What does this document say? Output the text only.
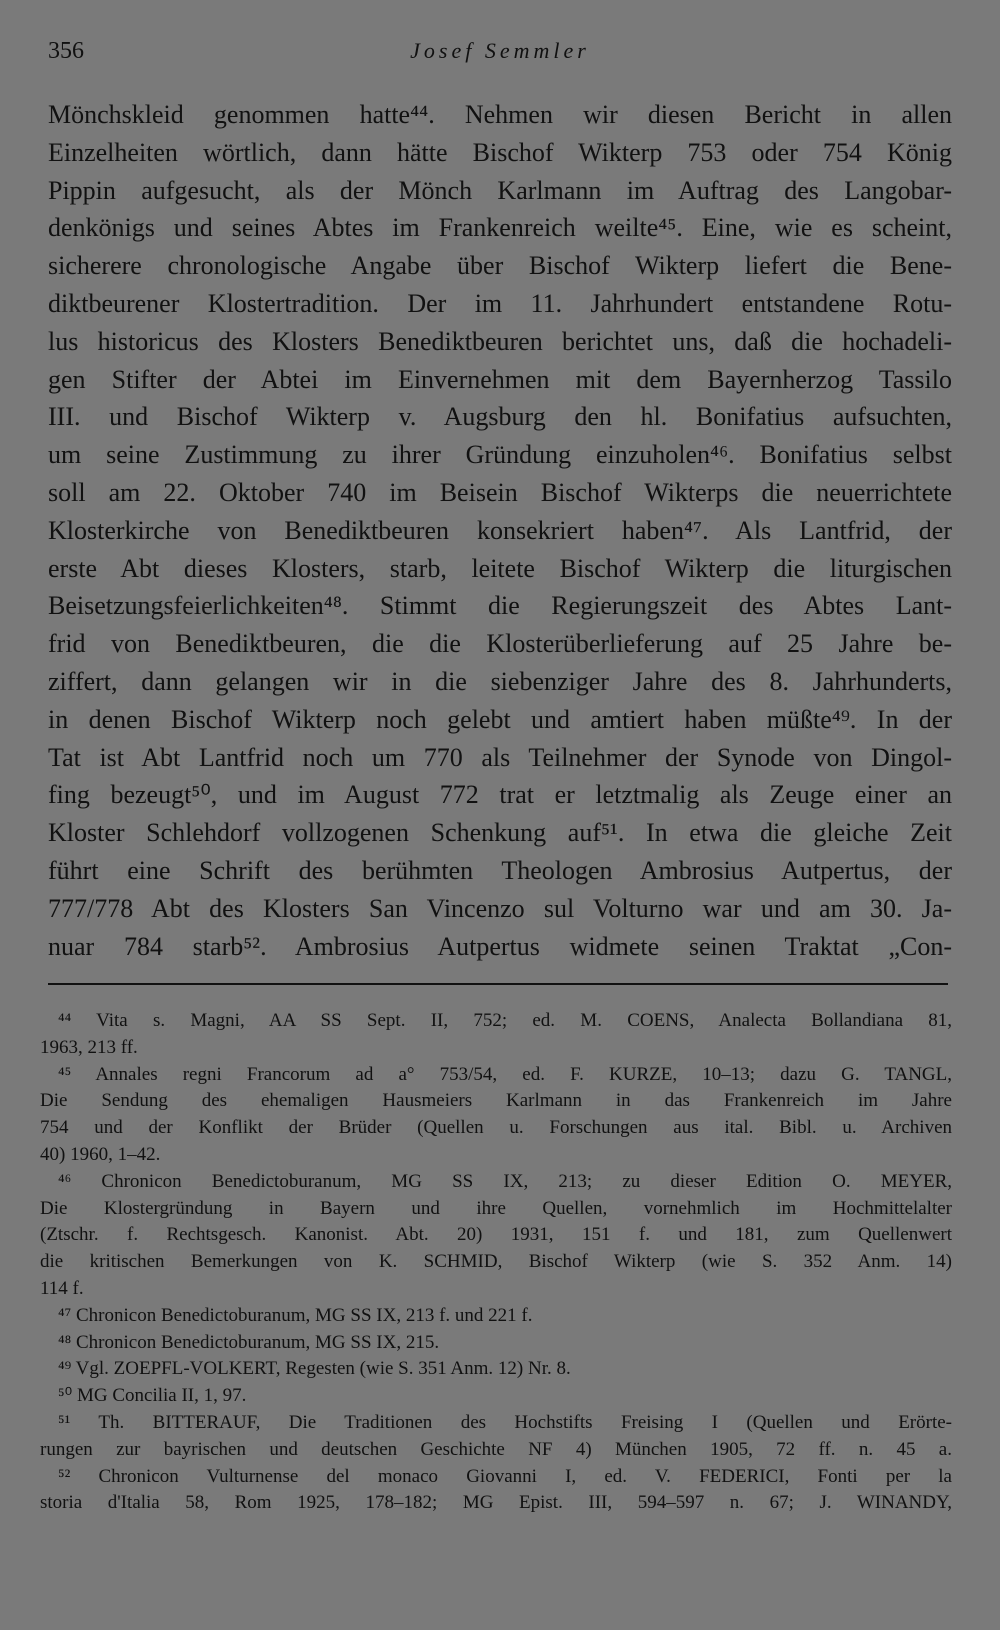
356	Josef Semmler
Mönchskleid genommen hatte⁴⁴. Nehmen wir diesen Bericht in allen
Einzelheiten wörtlich, dann hätte Bischof Wikterp 753 oder 754 König
Pippin aufgesucht, als der Mönch Karlmann im Auftrag des Langobar-
denkönigs und seines Abtes im Frankenreich weilte⁴⁵. Eine, wie es scheint,
sicherere chronologische Angabe über Bischof Wikterp liefert die Bene-
diktbeurener Klostertradition. Der im 11. Jahrhundert entstandene Rotu-
lus historicus des Klosters Benediktbeuren berichtet uns, daß die hochadeli-
gen Stifter der Abtei im Einvernehmen mit dem Bayernherzog Tassilo
III. und Bischof Wikterp v. Augsburg den hl. Bonifatius aufsuchten,
um seine Zustimmung zu ihrer Gründung einzuholen⁴⁶. Bonifatius selbst
soll am 22. Oktober 740 im Beisein Bischof Wikterps die neuerrichtete
Klosterkirche von Benediktbeuren konsekriert haben⁴⁷. Als Lantfrid, der
erste Abt dieses Klosters, starb, leitete Bischof Wikterp die liturgischen
Beisetzungsfeierlichkeiten⁴⁸. Stimmt die Regierungszeit des Abtes Lant-
frid von Benediktbeuren, die die Klosterüberlieferung auf 25 Jahre be-
ziffert, dann gelangen wir in die siebenziger Jahre des 8. Jahrhunderts,
in denen Bischof Wikterp noch gelebt und amtiert haben müßte⁴⁹. In der
Tat ist Abt Lantfrid noch um 770 als Teilnehmer der Synode von Dingol-
fing bezeugt⁵⁰, und im August 772 trat er letztmalig als Zeuge einer an
Kloster Schlehdorf vollzogenen Schenkung auf⁵¹. In etwa die gleiche Zeit
führt eine Schrift des berühmten Theologen Ambrosius Autpertus, der
777/778 Abt des Klosters San Vincenzo sul Volturno war und am 30. Ja-
nuar 784 starb⁵². Ambrosius Autpertus widmete seinen Traktat „Con-
⁴⁴ Vita s. Magni, AA SS Sept. II, 752; ed. M. COENS, Analecta Bollandiana 81,
1963, 213 ff.
⁴⁵ Annales regni Francorum ad a° 753/54, ed. F. KURZE, 10–13; dazu G. TANGL,
Die Sendung des ehemaligen Hausmeiers Karlmann in das Frankenreich im Jahre
754 und der Konflikt der Brüder (Quellen u. Forschungen aus ital. Bibl. u. Archiven
40) 1960, 1–42.
⁴⁶ Chronicon Benedictoburanum, MG SS IX, 213; zu dieser Edition O. MEYER,
Die Klostergründung in Bayern und ihre Quellen, vornehmlich im Hochmittelalter
(Ztschr. f. Rechtsgesch. Kanonist. Abt. 20) 1931, 151 f. und 181, zum Quellenwert
die kritischen Bemerkungen von K. SCHMID, Bischof Wikterp (wie S. 352 Anm. 14)
114 f.
⁴⁷ Chronicon Benedictoburanum, MG SS IX, 213 f. und 221 f.
⁴⁸ Chronicon Benedictoburanum, MG SS IX, 215.
⁴⁹ Vgl. ZOEPFL-VOLKERT, Regesten (wie S. 351 Anm. 12) Nr. 8.
⁵⁰ MG Concilia II, 1, 97.
⁵¹ Th. BITTERAUF, Die Traditionen des Hochstifts Freising I (Quellen und Erörte-
rungen zur bayrischen und deutschen Geschichte NF 4) München 1905, 72 ff. n. 45 a.
⁵² Chronicon Vulturnense del monaco Giovanni I, ed. V. FEDERICI, Fonti per la
storia d'Italia 58, Rom 1925, 178–182; MG Epist. III, 594–597 n. 67; J. WINANDY,
